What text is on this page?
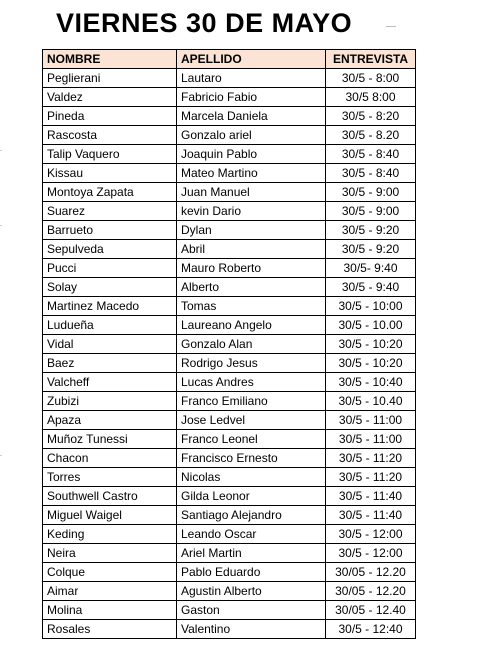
VIERNES 30 DE MAYO
NOMBRE	APELLIDO	ENTREVISTA
Peglierani	Lautaro	30/5 - 8:00
Valdez	Fabricio Fabio	30/5 8:00
Pineda	Marcela Daniela	30/5 - 8:20
Rascosta	Gonzalo ariel	30/5 - 8.20
Talip Vaquero	Joaquin Pablo	30/5 - 8:40
Kissau	Mateo Martino	30/5 - 8:40
Montoya Zapata	Juan Manuel	30/5 - 9:00
Suarez	kevin Dario	30/5 - 9:00
Barrueto	Dylan	30/5 - 9:20
Sepulveda	Abril	30/5 - 9:20
Pucci	Mauro Roberto	30/5- 9:40
Solay	Alberto	30/5 - 9:40
Martinez Macedo	Tomas	30/5 - 10:00
Ludueña	Laureano Angelo	30/5 - 10.00
Vidal	Gonzalo Alan	30/5 - 10:20
Baez	Rodrigo Jesus	30/5 - 10:20
Valcheff	Lucas Andres	30/5 - 10:40
Zubizi	Franco Emiliano	30/5 - 10.40
Apaza	Jose Ledvel	30/5 - 11:00
Muñoz Tunessi	Franco Leonel	30/5 - 11:00
Chacon	Francisco Ernesto	30/5 - 11:20
Torres	Nicolas	30/5 - 11:20
Southwell Castro	Gilda Leonor	30/5 - 11:40
Miguel Waigel	Santiago Alejandro	30/5 - 11:40
Keding	Leando Oscar	30/5 - 12:00
Neira	Ariel Martin	30/5 - 12:00
Colque	Pablo Eduardo	30/05 - 12.20
Aimar	Agustin Alberto	30/05 - 12.20
Molina	Gaston	30/05 - 12.40
Rosales	Valentino	30/5 - 12:40
